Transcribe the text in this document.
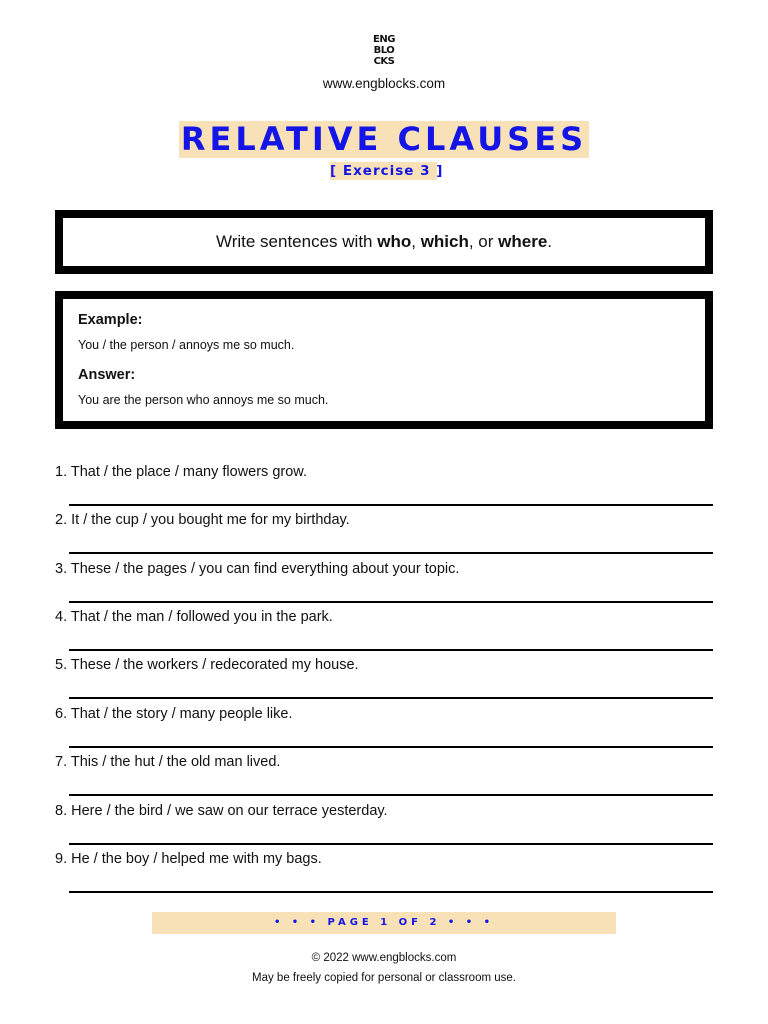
ENG
BLO
CKS
www.engblocks.com
RELATIVE CLAUSES
[ Exercise 3 ]
Write sentences with who, which, or where.
Example:
You / the person / annoys me so much.
Answer:
You are the person who annoys me so much.
1. That / the place / many flowers grow.
2. It / the cup / you bought me for my birthday.
3. These / the pages / you can find everything about your topic.
4. That / the man / followed you in the park.
5. These / the workers / redecorated my house.
6. That / the story / many people like.
7. This / the hut / the old man lived.
8. Here / the bird / we saw on our terrace yesterday.
9. He / the boy / helped me with my bags.
• • • PAGE 1 OF 2 • • •
© 2022 www.engblocks.com
May be freely copied for personal or classroom use.
